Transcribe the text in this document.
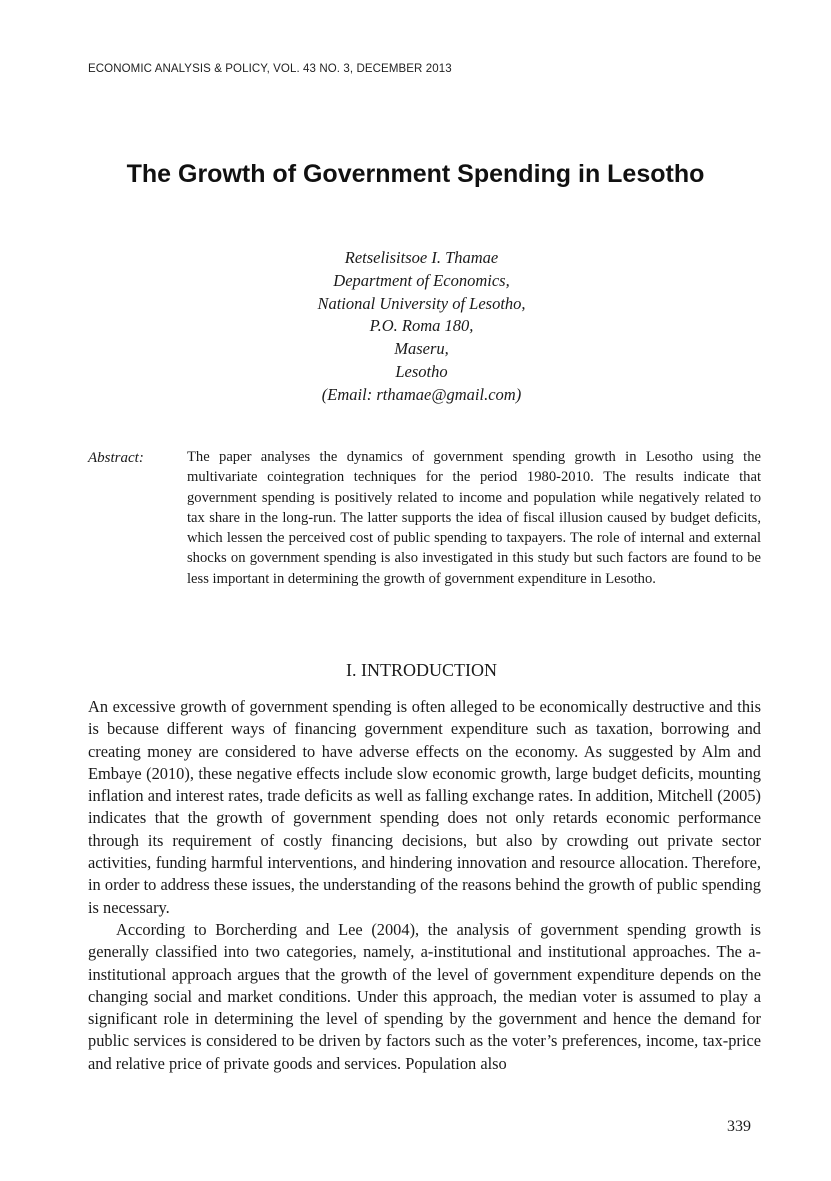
ECONOMIC ANALYSIS & POLICY, VOL. 43 NO. 3, DECEMBER 2013
The Growth of Government Spending in Lesotho
Retselisitsoe I. Thamae
Department of Economics,
National University of Lesotho,
P.O. Roma 180,
Maseru,
Lesotho
(Email: rthamae@gmail.com)
Abstract:	The paper analyses the dynamics of government spending growth in Lesotho using the multivariate cointegration techniques for the period 1980-2010. The results indicate that government spending is positively related to income and population while negatively related to tax share in the long-run. The latter supports the idea of fiscal illusion caused by budget deficits, which lessen the perceived cost of public spending to taxpayers. The role of internal and external shocks on government spending is also investigated in this study but such factors are found to be less important in determining the growth of government expenditure in Lesotho.
I. INTRODUCTION

An excessive growth of government spending is often alleged to be economically destructive and this is because different ways of financing government expenditure such as taxation, borrowing and creating money are considered to have adverse effects on the economy. As suggested by Alm and Embaye (2010), these negative effects include slow economic growth, large budget deficits, mounting inflation and interest rates, trade deficits as well as falling exchange rates. In addition, Mitchell (2005) indicates that the growth of government spending does not only retards economic performance through its requirement of costly financing decisions, but also by crowding out private sector activities, funding harmful interventions, and hindering innovation and resource allocation. Therefore, in order to address these issues, the understanding of the reasons behind the growth of public spending is necessary.

According to Borcherding and Lee (2004), the analysis of government spending growth is generally classified into two categories, namely, a-institutional and institutional approaches. The a-institutional approach argues that the growth of the level of government expenditure depends on the changing social and market conditions. Under this approach, the median voter is assumed to play a significant role in determining the level of spending by the government and hence the demand for public services is considered to be driven by factors such as the voter’s preferences, income, tax-price and relative price of private goods and services. Population also

339
